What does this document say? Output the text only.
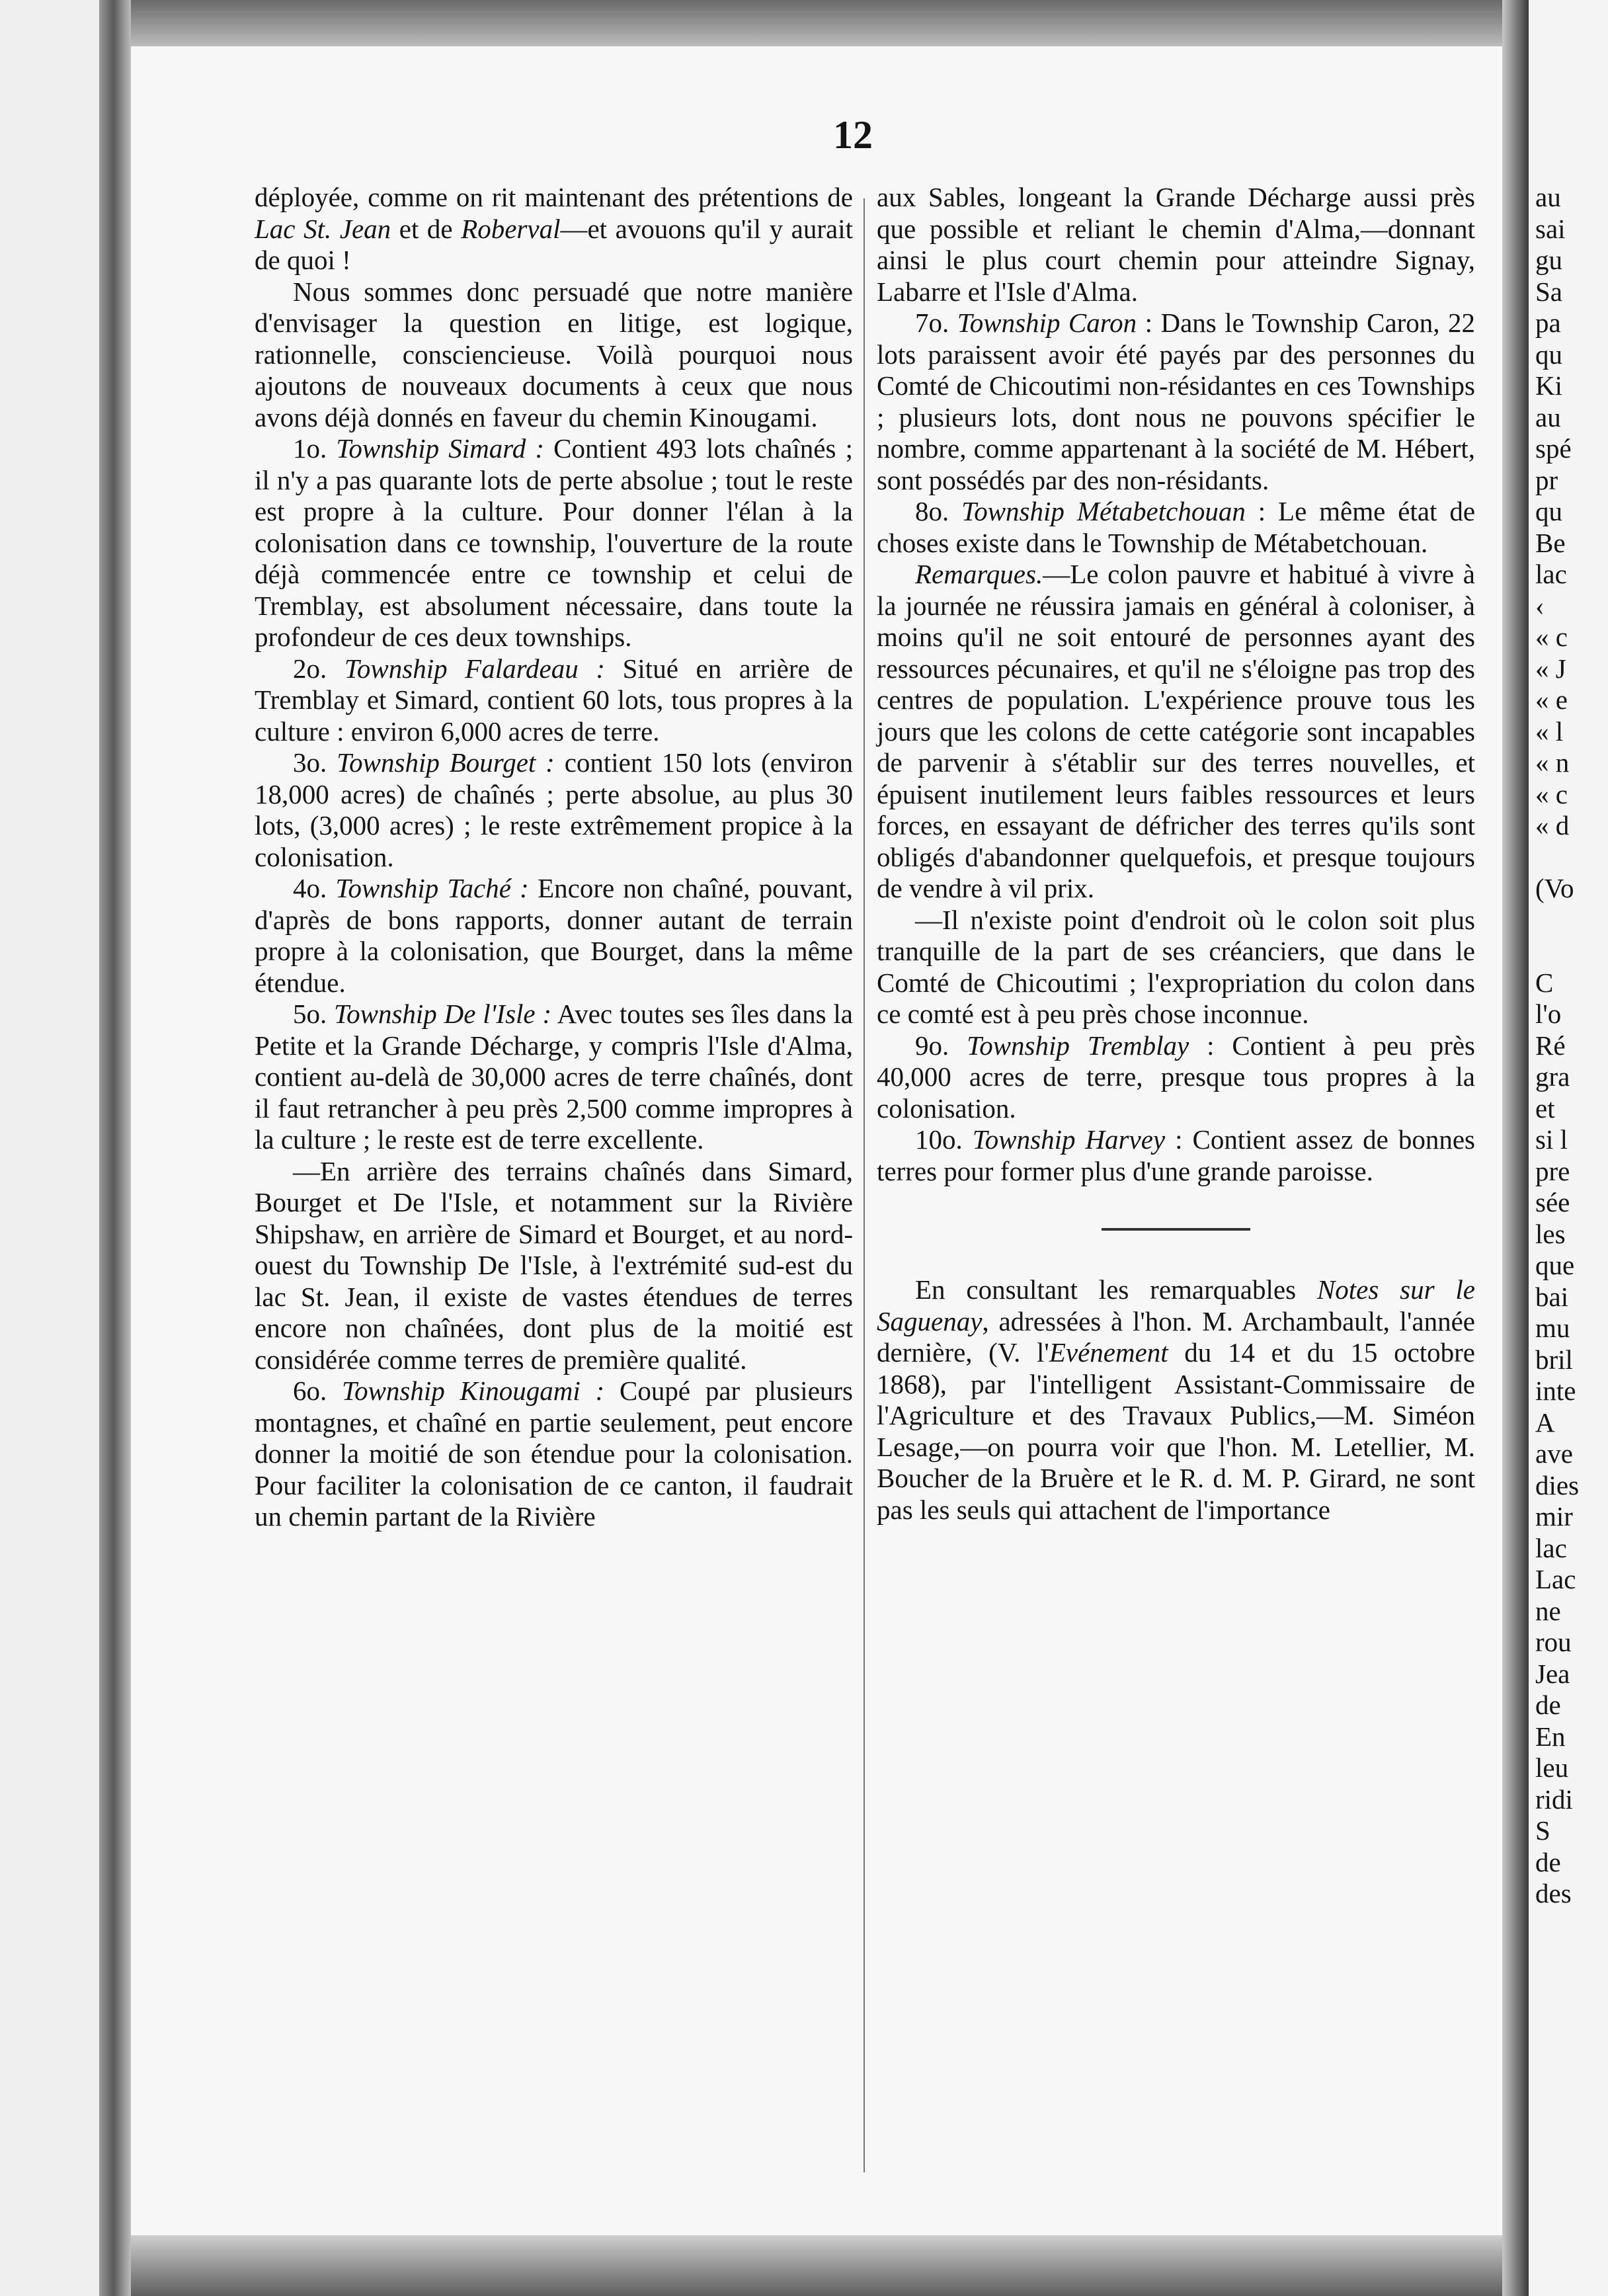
12

déployée, comme on rit maintenant des prétentions de Lac St. Jean et de Roberval—et avouons qu'il y aurait de quoi !

Nous sommes donc persuadé que notre manière d'envisager la question en litige, est logique, rationnelle, consciencieuse. Voilà pourquoi nous ajoutons de nouveaux documents à ceux que nous avons déjà donnés en faveur du chemin Kinougami.

1o. Township Simard : Contient 493 lots chaînés ; il n'y a pas quarante lots de perte absolue ; tout le reste est propre à la culture. Pour donner l'élan à la colonisation dans ce township, l'ouverture de la route déjà commencée entre ce township et celui de Tremblay, est absolument nécessaire, dans toute la profondeur de ces deux townships.

2o. Township Falardeau : Situé en arrière de Tremblay et Simard, contient 60 lots, tous propres à la culture : environ 6,000 acres de terre.

3o. Township Bourget : contient 150 lots (environ 18,000 acres) de chaînés ; perte absolue, au plus 30 lots, (3,000 acres) ; le reste extrêmement propice à la colonisation.

4o. Township Taché : Encore non chaîné, pouvant, d'après de bons rapports, donner autant de terrain propre à la colonisation, que Bourget, dans la même étendue.

5o. Township De l'Isle : Avec toutes ses îles dans la Petite et la Grande Décharge, y compris l'Isle d'Alma, contient au-delà de 30,000 acres de terre chaînés, dont il faut retrancher à peu près 2,500 comme impropres à la culture ; le reste est de terre excellente.

—En arrière des terrains chaînés dans Simard, Bourget et De l'Isle, et notamment sur la Rivière Shipshaw, en arrière de Simard et Bourget, et au nord-ouest du Township De l'Isle, à l'extrémité sud-est du lac St. Jean, il existe de vastes étendues de terres encore non chaînées, dont plus de la moitié est considérée comme terres de première qualité.

6o. Township Kinougami : Coupé par plusieurs montagnes, et chaîné en partie seulement, peut encore donner la moitié de son étendue pour la colonisation. Pour faciliter la colonisation de ce canton, il faudrait un chemin partant de la Rivière

aux Sables, longeant la Grande Décharge aussi près que possible et reliant le chemin d'Alma,—donnant ainsi le plus court chemin pour atteindre Signay, Labarre et l'Isle d'Alma.

7o. Township Caron : Dans le Township Caron, 22 lots paraissent avoir été payés par des personnes du Comté de Chicoutimi non-résidantes en ces Townships ; plusieurs lots, dont nous ne pouvons spécifier le nombre, comme appartenant à la société de M. Hébert, sont possédés par des non-résidants.

8o. Township Métabetchouan : Le même état de choses existe dans le Township de Métabetchouan.

Remarques.—Le colon pauvre et habitué à vivre à la journée ne réussira jamais en général à coloniser, à moins qu'il ne soit entouré de personnes ayant des ressources pécunaires, et qu'il ne s'éloigne pas trop des centres de population. L'expérience prouve tous les jours que les colons de cette catégorie sont incapables de parvenir à s'établir sur des terres nouvelles, et épuisent inutilement leurs faibles ressources et leurs forces, en essayant de défricher des terres qu'ils sont obligés d'abandonner quelquefois, et presque toujours de vendre à vil prix.

—Il n'existe point d'endroit où le colon soit plus tranquille de la part de ses créanciers, que dans le Comté de Chicoutimi ; l'expropriation du colon dans ce comté est à peu près chose inconnue.

9o. Township Tremblay : Contient à peu près 40,000 acres de terre, presque tous propres à la colonisation.

10o. Township Harvey : Contient assez de bonnes terres pour former plus d'une grande paroisse.

En consultant les remarquables Notes sur le Saguenay, adressées à l'hon. M. Archambault, l'année dernière, (V. l'Evénement du 14 et du 15 octobre 1868), par l'intelligent Assistant-Commissaire de l'Agriculture et des Travaux Publics,—M. Siméon Lesage,—on pourra voir que l'hon. M. Letellier, M. Boucher de la Bruère et le R. d. M. P. Girard, ne sont pas les seuls qui attachent de l'importance

au
sai
gu
Sa
pa
qu
Ki
au
spé
pr
qu
Be
lac
‹
« c
« J
« e
« l
« n
« c
« d
(Vo
C
l'o
Ré
gra
et
si l
pre
sée
les
que
bai
mu
bril
inte
A
ave
dies
mir
lac
Lac
ne
rou
Jea
de
En
leu
ridi
S
de
des
